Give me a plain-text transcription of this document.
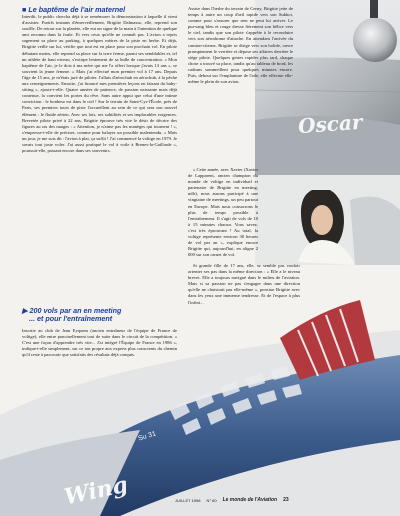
Oscar
Su 31
Wing
■ Le baptême de l'air maternel

Interdit, le public chercha déjà à se remémorer la démonstration à laquelle il vient d'assister. Furtifs instants d'émerveillement, Brigitte Dalmasso, elle, reprend son souffle. De retour sur la planète, elle eut un signe de la main à l'intention de quelque ami reconnu dans la foule. Et vers ceux qu'elle ne connaît pas. L'avion a repris sagement sa place au parking, à quelques mètres de la piste en herbe. Et déjà, Brigitte veille sur lui, vérifie que tout est en place pour son prochain vol. En pilote débutant moins, elle reprend sa place sur la terre ferme, parmi ses semblables et, tel un athlète de haut niveau, s'extirpe lentement de sa bulle de concentration. « Mon baptême de l'air, je le dois à ma mère qui me l'a offert lorsque j'avais 13 ans », se souvient la jeune femme. « Mais j'ai effectué mon premier vol à 17 ans. Depuis l'âge de 15 ans, je m'étais juré de piloter. J'allais d'aérochub en aérochub, à la pêche aux renseignements. Ensuite, j'ai financé mes premières leçons en faisant du baby-sitting », ajoute-t-elle. Quatre années de patience, de passion naissante mais déjà contenue, la convient les portes du rêve. Sans autre appui que celui d'une intime conviction : le bonheur est dans le ciel ! Sur le terrain de Saint-Cyr-l'École, près de Paris, ses premiers tours de piste l'accueillent au sein de ce qui sera son nouvel élément : le fluide aérien. Avec ses lois, ses subtilités et ses implacables exigences. Brevetée pilote privé à 22 ans, Brigitte éprouve très vite le désir de décrire des figures au ras des nuages : « Attention, je n'aime pas les manèges qui tournent ! », s'empresse-t-elle de préciser, comme pour balayer un possible malentendu. « Mais un jour, je me suis dit : l'avion à plat, ça suffit ! J'ai commencé la voltige en 1979. Je savais tout juste voler. J'ai aussi pratiqué le vol à voile à Brenes-la-Gaillarde », poursuit-elle, passant encore dans ses souvenirs.

▶ 200 vols par an en meeting
... et pour l'entraînement

Inscrite au club de Jean Eyquem (ancien entraîneur de l'équipe de France de voltige), elle entre ponctuellement tout de suite dans le circuit de la compétition. « C'est une façon d'apprendre très vite... J'ai intégré l'Équipe de France en 1986 », indique-t-elle simplement, sur ce ton propre aux experts plus conscients du chemin qu'il reste à parcourir que satisfaits des résultats déjà conquis.

Assise dans l'herbe du terrain de Cerny, Brigitte jette de temps à autre un coup d'œil rapide vers son Sukhoi, comme pour s'assurer que rien ne peut lui arriver. Le pur-sang bleu et rouge dresse fièrement son hélice vers le ciel, tandis que son pilote s'apprête à le reconduire vers son aérodrome d'attache. En attendant l'arrivée du camion-citerne, Brigitte se dirige vers son bolide, ouvre promptement le verrière et dépose ses affaires derrière le siège pilote. Quelques gestes rapides plus tard, chaque chose a trouvé sa place, tandis qu'au tableau de bord, les cadrans sommeillent pour quelques minutes encore. Puis, debout sur l'emplanture de l'aile, elle effectue elle-même le plein de son avion.

« Cette année, avec Xavier (Xavier de Lapparent, ancien champion du monde de voltige en individuel et partenaire de Brigitte en meeting, ndlr), nous aurons participé à une vingtaine de meetings, un peu partout en Europe. Mais nous consacrons le plus de temps possible à l'entraînement. Il s'agit de vols de 10 à 15 minutes chacun. Vous savez, c'est très éprouvant ! Au total, la voltige représente environ 30 heures de vol par an », explique encore Brigitte qui, aujourd'hui, en aligne 2 000 sur son carnet de vol.

Si grande fille de 17 ans, elle, se semble pas vouloir orienter ses pas dans la même direction : « Elle a le niveau brevet. Elle a toujours navigué dans le milieu de l'aviation. Mais si sa passion ne pas s'engager dans une direction qu'elle ne choisirait pas elle-même », ponctue Brigitte avec dans les yeux une immense tendresse. Et de l'espace à plus l'infini...

JUILLET 1998 N° 60 Le monde de l'Aviation 23
